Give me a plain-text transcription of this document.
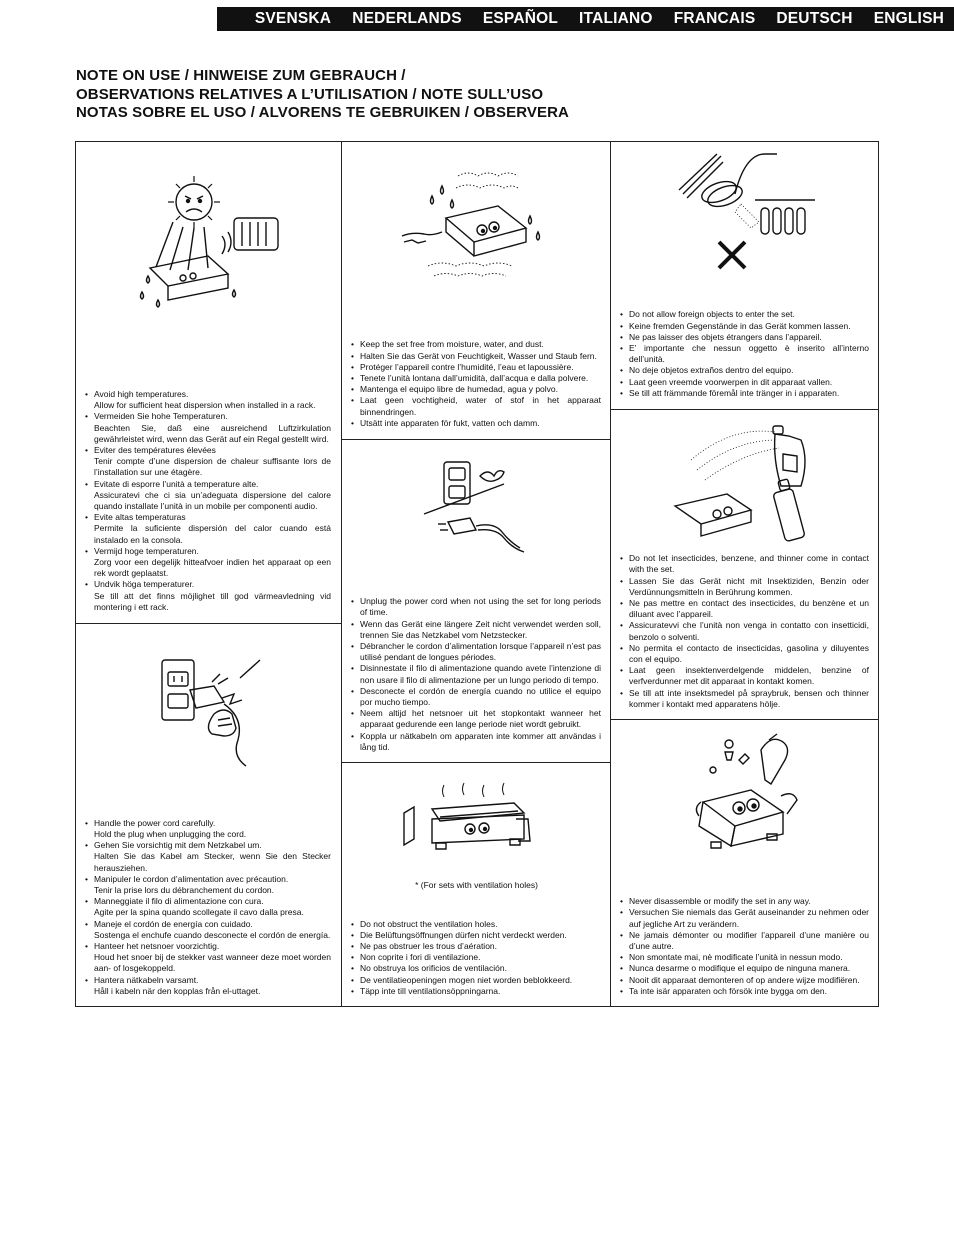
SVENSKA NEDERLANDS ESPAÑOL ITALIANO FRANCAIS DEUTSCH ENGLISH
NOTE ON USE / HINWEISE ZUM GEBRAUCH /
OBSERVATIONS RELATIVES A L’UTILISATION / NOTE SULL’USO
NOTAS SOBRE EL USO / ALVORENS TE GEBRUIKEN / OBSERVERA
• Avoid high temperatures.
Allow for sufficient heat dispersion when installed in a rack.
• Vermeiden Sie hohe Temperaturen.
Beachten Sie, daß eine ausreichend Luftzirkulation gewährleistet wird, wenn das Gerät auf ein Regal gestellt wird.
• Eviter des températures élevées
Tenir compte d’une dispersion de chaleur suffisante lors de l’installation sur une étagère.
• Evitate di esporre l’unità a temperature alte.
Assicuratevi che ci sia un’adeguata dispersione del calore quando installate l’unità in un mobile per componenti audio.
• Evite altas temperaturas
Permite la suficiente dispersión del calor cuando está instalado en la consola.
• Vermijd hoge temperaturen.
Zorg voor een degelijk hitteafvoer indien het apparaat op een rek wordt geplaatst.
• Undvik höga temperaturer.
Se till att det finns möjlighet till god värmeavledning vid montering i ett rack.
• Handle the power cord carefully.
Hold the plug when unplugging the cord.
• Gehen Sie vorsichtig mit dem Netzkabel um.
Halten Sie das Kabel am Stecker, wenn Sie den Stecker herausziehen.
• Manipuler le cordon d’alimentation avec précaution.
Tenir la prise lors du débranchement du cordon.
• Manneggiate il filo di alimentazione con cura.
Agite per la spina quando scollegate il cavo dalla presa.
• Maneje el cordón de energía con cuidado.
Sostenga el enchufe cuando desconecte el cordón de energía.
• Hanteer het netsnoer voorzichtig.
Houd het snoer bij de stekker vast wanneer deze moet worden aan- of losgekoppeld.
• Hantera nätkabeln varsamt.
Håll i kabeln när den kopplas från el-uttaget.
• Keep the set free from moisture, water, and dust.
• Halten Sie das Gerät von Feuchtigkeit, Wasser und Staub fern.
• Protéger l’appareil contre l’humidité, l’eau et lapoussière.
• Tenete l’unità lontana dall’umidità, dall’acqua e dalla polvere.
• Mantenga el equipo libre de humedad, agua y polvo.
• Laat geen vochtigheid, water of stof in het apparaat binnendringen.
• Utsätt inte apparaten för fukt, vatten och damm.
• Unplug the power cord when not using the set for long periods of time.
• Wenn das Gerät eine längere Zeit nicht verwendet werden soll, trennen Sie das Netzkabel vom Netzstecker.
• Débrancher le cordon d’alimentation lorsque l’appareil n’est pas utilisé pendant de longues périodes.
• Disinnestate il filo di alimentazione quando avete l’intenzione di non usare il filo di alimentazione per un lungo periodo di tempo.
• Desconecte el cordón de energía cuando no utilice el equipo por mucho tiempo.
• Neem altijd het netsnoer uit het stopkontakt wanneer het apparaat gedurende een lange periode niet wordt gebruikt.
• Koppla ur nätkabeln om apparaten inte kommer att användas i lång tid.
* (For sets with ventilation holes)
• Do not obstruct the ventilation holes.
• Die Belüftungsöffnungen dürfen nicht verdeckt werden.
• Ne pas obstruer les trous d’aération.
• Non coprite i fori di ventilazione.
• No obstruya los orificios de ventilación.
• De ventilatieopeningen mogen niet worden beblokkeerd.
• Täpp inte till ventilationsöppningarna.
• Do not allow foreign objects to enter the set.
• Keine fremden Gegenstände in das Gerät kommen lassen.
• Ne pas laisser des objets étrangers dans l’appareil.
• E’ importante che nessun oggetto è inserito all’interno dell’unità.
• No deje objetos extraños dentro del equipo.
• Laat geen vreemde voorwerpen in dit apparaat vallen.
• Se till att främmande föremål inte tränger in i apparaten.
• Do not let insecticides, benzene, and thinner come in contact with the set.
• Lassen Sie das Gerät nicht mit Insektiziden, Benzin oder Verdünnungsmitteln in Berührung kommen.
• Ne pas mettre en contact des insecticides, du benzène et un diluant avec l’appareil.
• Assicuratevvi che l’unità non venga in contatto con insetticidi, benzolo o solventi.
• No permita el contacto de insecticidas, gasolina y diluyentes con el equipo.
• Laat geen insektenverdelgende middelen, benzine of verfverdunner met dit apparaat in kontakt komen.
• Se till att inte insektsmedel på spraybruk, bensen och thinner kommer i kontakt med apparatens hölje.
• Never disassemble or modify the set in any way.
• Versuchen Sie niemals das Gerät auseinander zu nehmen oder auf jegliche Art zu verändern.
• Ne jamais démonter ou modifier l’appareil d’une manière ou d’une autre.
• Non smontate mai, nè modificate l’unità in nessun modo.
• Nunca desarme o modifique el equipo de ninguna manera.
• Nooit dit apparaat demonteren of op andere wijze modifiëren.
• Ta inte isär apparaten och försök inte bygga om den.
